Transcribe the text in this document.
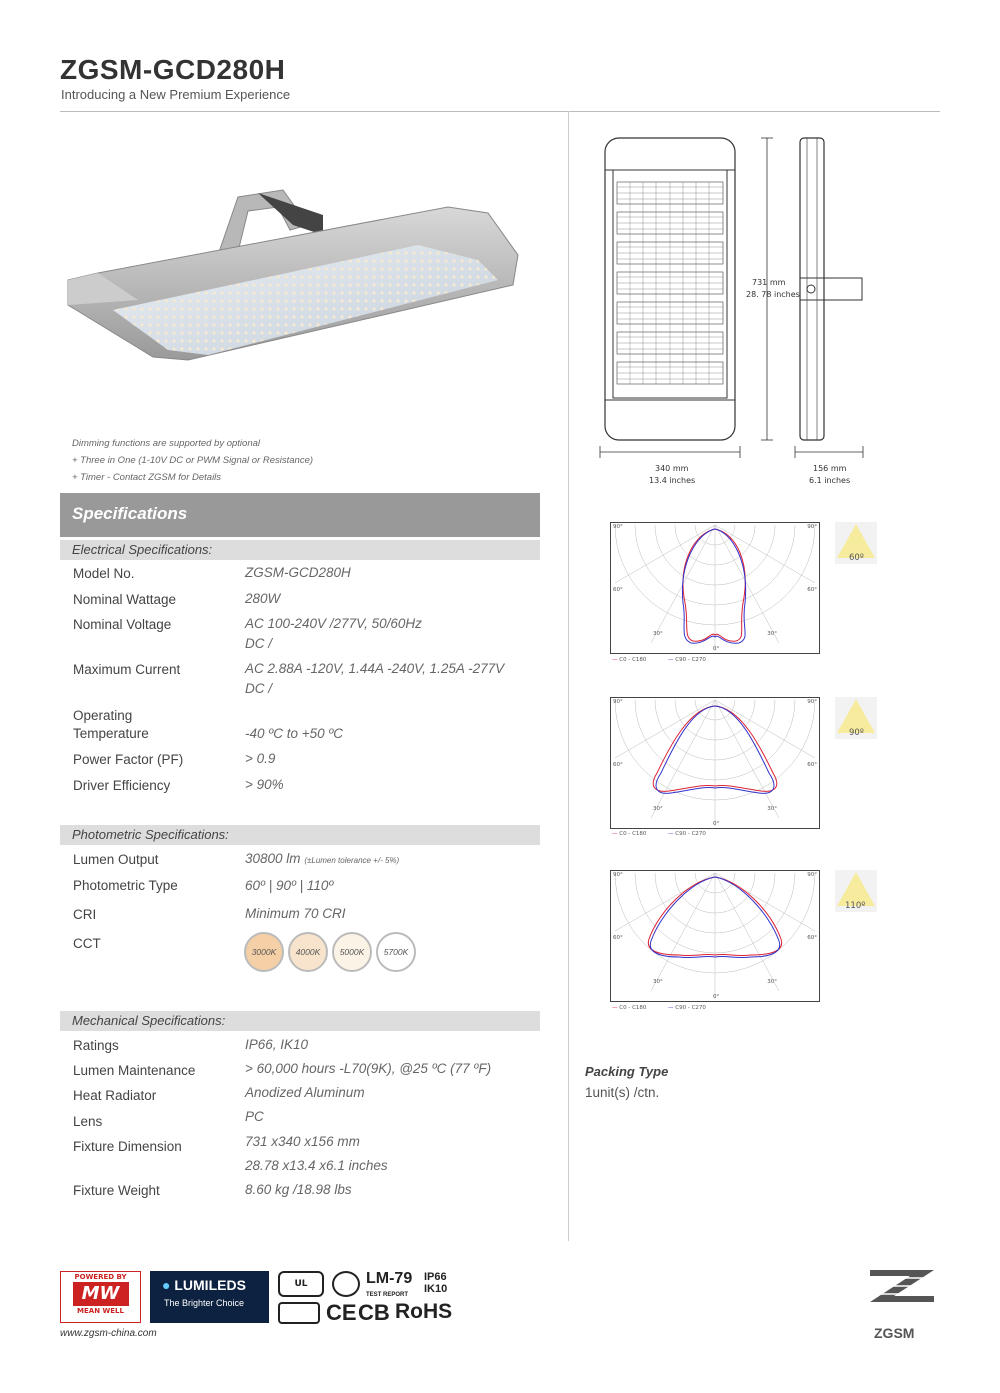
ZGSM-GCD280H
Introducing a New Premium Experience
Dimming functions are supported by optional
+ Three in One (1-10V DC or PWM Signal or Resistance)
+ Timer - Contact ZGSM for Details
Specifications
Electrical Specifications:
Model No.	ZGSM-GCD280H
Nominal Wattage	280W
Nominal Voltage	AC 100-240V /277V, 50/60Hz
DC /
Maximum Current	AC 2.88A -120V, 1.44A -240V, 1.25A -277V
DC /
Operating
Temperature	-40 ºC to +50 ºC
Power Factor (PF)	> 0.9
Driver Efficiency	> 90%
Photometric Specifications:
Lumen Output	30800 lm (±Lumen tolerance +/- 5%)
Photometric Type	60º | 90º | 110º
CRI	Minimum 70 CRI
CCT
3000K	4000K	5000K	5700K
Mechanical Specifications:
Ratings	IP66, IK10
Lumen Maintenance	> 60,000 hours -L70(9K), @25 ºC (77 ºF)
Heat Radiator	Anodized Aluminum
Lens	PC
Fixture Dimension	731 x340 x156 mm
28.78 x13.4 x6.1 inches
Fixture Weight	8.60 kg /18.98 lbs
731 mm
28. 78 inches
340 mm
13.4 inches
156 mm
6.1 inches
90°	90°
60°	60°
30°	30°
0°
— C0 - C180	— C90 - C270
60º
90°	90°
60°	60°
30°	30°
0°
— C0 - C180	— C90 - C270
90º
90°	90°
60°	60°
30°	30°
0°
— C0 - C180	— C90 - C270
110º
Packing Type
1unit(s) /ctn.
POWERED BY
MW
MEAN WELL
● LUMILEDS
The Brighter Choice
UL	LM-79
TEST REPORT
IP66
IK10
CE CB RoHS
www.zgsm-china.com	ZGSM
